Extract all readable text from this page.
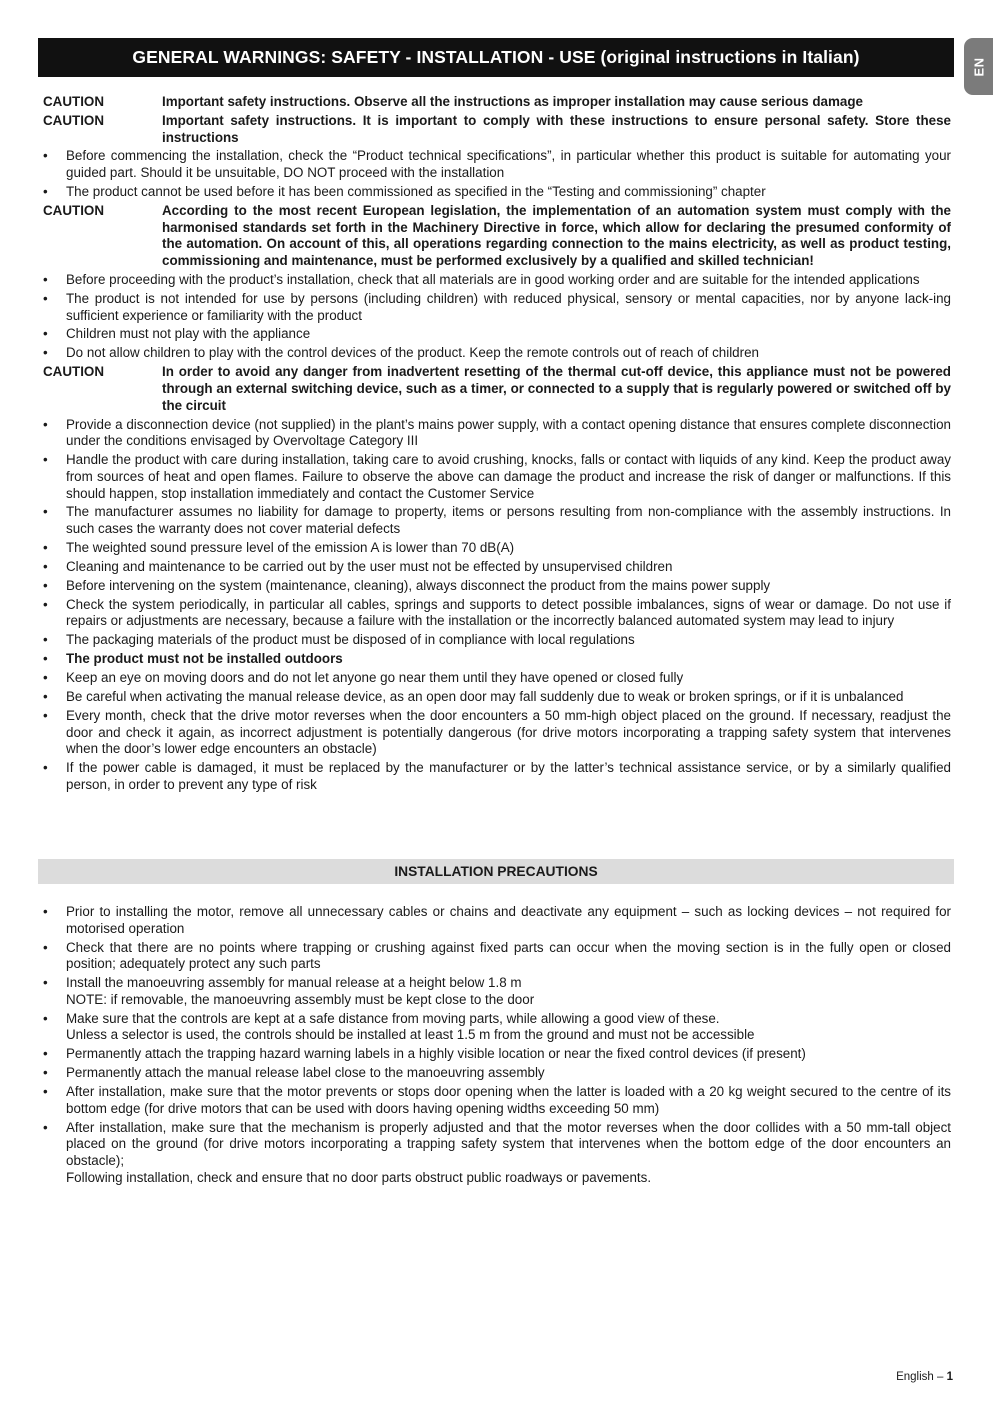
EN
GENERAL WARNINGS: SAFETY - INSTALLATION - USE (original instructions in Italian)
CAUTION	Important safety instructions. Observe all the instructions as improper installation may cause serious damage
CAUTION	Important safety instructions. It is important to comply with these instructions to ensure personal safety. Store these instructions
•	Before commencing the installation, check the “Product technical specifications”, in particular whether this product is suitable for automating your guided part. Should it be unsuitable, DO NOT proceed with the installation
•	The product cannot be used before it has been commissioned as specified in the “Testing and commissioning” chapter
CAUTION	According to the most recent European legislation, the implementation of an automation system must comply with the harmonised standards set forth in the Machinery Directive in force, which allow for declaring the presumed conformity of the automation. On account of this, all operations regarding connection to the mains electricity, as well as product testing, commissioning and maintenance, must be performed exclusively by a qualified and skilled technician!
•	Before proceeding with the product’s installation, check that all materials are in good working order and are suitable for the intended applications
•	The product is not intended for use by persons (including children) with reduced physical, sensory or mental capacities, nor by anyone lack-ing sufficient experience or familiarity with the product
•	Children must not play with the appliance
•	Do not allow children to play with the control devices of the product. Keep the remote controls out of reach of children
CAUTION	In order to avoid any danger from inadvertent resetting of the thermal cut-off device, this appliance must not be powered through an external switching device, such as a timer, or connected to a supply that is regularly powered or switched off by the circuit
•	Provide a disconnection device (not supplied) in the plant’s mains power supply, with a contact opening distance that ensures complete disconnection under the conditions envisaged by Overvoltage Category III
•	Handle the product with care during installation, taking care to avoid crushing, knocks, falls or contact with liquids of any kind. Keep the product away from sources of heat and open flames. Failure to observe the above can damage the product and increase the risk of danger or malfunctions. If this should happen, stop installation immediately and contact the Customer Service
•	The manufacturer assumes no liability for damage to property, items or persons resulting from non-compliance with the assembly instructions. In such cases the warranty does not cover material defects
•	The weighted sound pressure level of the emission A is lower than 70 dB(A)
•	Cleaning and maintenance to be carried out by the user must not be effected by unsupervised children
•	Before intervening on the system (maintenance, cleaning), always disconnect the product from the mains power supply
•	Check the system periodically, in particular all cables, springs and supports to detect possible imbalances, signs of wear or damage. Do not use if repairs or adjustments are necessary, because a failure with the installation or the incorrectly balanced automated system may lead to injury
•	The packaging materials of the product must be disposed of in compliance with local regulations
•	The product must not be installed outdoors
•	Keep an eye on moving doors and do not let anyone go near them until they have opened or closed fully
•	Be careful when activating the manual release device, as an open door may fall suddenly due to weak or broken springs, or if it is unbalanced
•	Every month, check that the drive motor reverses when the door encounters a 50 mm-high object placed on the ground. If necessary, readjust the door and check it again, as incorrect adjustment is potentially dangerous (for drive motors incorporating a trapping safety system that intervenes when the door’s lower edge encounters an obstacle)
•	If the power cable is damaged, it must be replaced by the manufacturer or by the latter’s technical assistance service, or by a similarly qualified person, in order to prevent any type of risk
INSTALLATION PRECAUTIONS
•	Prior to installing the motor, remove all unnecessary cables or chains and deactivate any equipment – such as locking devices – not required for motorised operation
•	Check that there are no points where trapping or crushing against fixed parts can occur when the moving section is in the fully open or closed position; adequately protect any such parts
•	Install the manoeuvring assembly for manual release at a height below 1.8 m
NOTE: if removable, the manoeuvring assembly must be kept close to the door
•	Make sure that the controls are kept at a safe distance from moving parts, while allowing a good view of these.
Unless a selector is used, the controls should be installed at least 1.5 m from the ground and must not be accessible
•	Permanently attach the trapping hazard warning labels in a highly visible location or near the fixed control devices (if present)
•	Permanently attach the manual release label close to the manoeuvring assembly
•	After installation, make sure that the motor prevents or stops door opening when the latter is loaded with a 20 kg weight secured to the centre of its bottom edge (for drive motors that can be used with doors having opening widths exceeding 50 mm)
•	After installation, make sure that the mechanism is properly adjusted and that the motor reverses when the door collides with a 50 mm-tall object placed on the ground (for drive motors incorporating a trapping safety system that intervenes when the bottom edge of the door encounters an obstacle);
Following installation, check and ensure that no door parts obstruct public roadways or pavements.
English – 1
